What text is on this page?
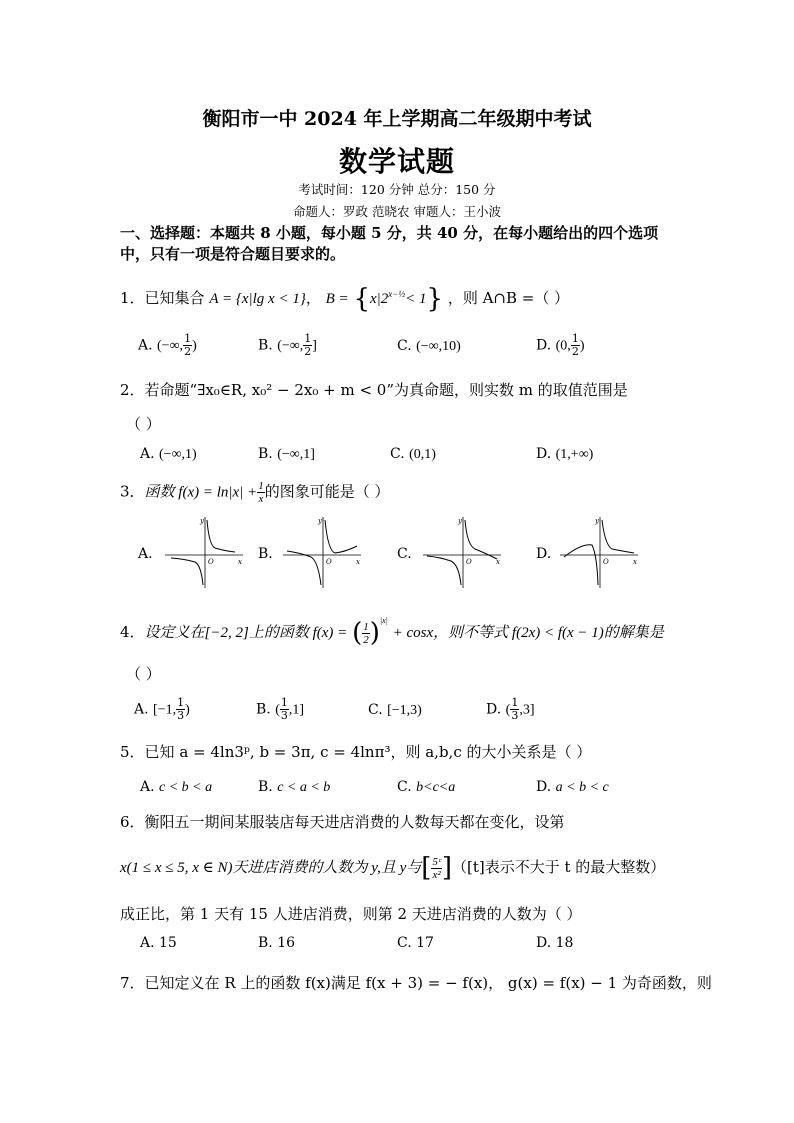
衡阳市一中 2024 年上学期高二年级期中考试
数学试题
考试时间：120 分钟 总分：150 分
命题人：罗政 范晓农 审题人：王小波
一、选择题：本题共 8 小题，每小题 5 分，共 40 分，在每小题给出的四个选项
中，只有一项是符合题目要求的。
1．已知集合 A = {x|lg x < 1}， $B = \{x|2^{x-\frac{1}{2}}< 1\}$ ，则 A∩B =（ ）
A. (−∞, $\frac{1}{2}$ )	B. (−∞, $\frac{1}{2}$ ]	C. (−∞,10)	D. (0, $\frac{1}{2}$ )
2．若命题“∃x₀∈R, x₀² − 2x₀ + m < 0”为真命题，则实数 m 的取值范围是
（ ）
A. (−∞,1)	B. (−∞,1]	C. (0,1)	D. (1,+∞)
3．函数 $f(x) = \ln|x| + \frac{1}{x}$ 的图象可能是（ ）
A.	B.	C.	D.
y
x
O
y
x
O
y
x
O
y
x
O
4．设定义在[−2, 2]上的函数 f(x) = ( $\frac{1}{2} )^{|x|} + \cos x$，则不等式 f(2x) < f(x − 1)的解集是
（ ）
A. [−1, $\frac{1}{3}$ )	B. ( $\frac{1}{3} ,1$]	C. [−1,3)	D. ( $\frac{1}{3} ,3$]
5．已知 a = 4ln3ᵖ, b = 3π, c = 4lnπ³，则 a,b,c 的大小关系是（ ）
A. c < b < a	B. c < a < b	C. b<c<a	D. a < b < c
6．衡阳五一期间某服装店每天进店消费的人数每天都在变化，设第
x(1 ≤ x ≤ 5, x ∈ N)天进店消费的人数为 y,且 y与[ $\frac{\text{5ᶜ}}{\text{x²}} ]([t]$表示不大于 t 的最大整数）
成正比，第 1 天有 15 人进店消费，则第 2 天进店消费的人数为（ ）
A. 15	B. 16	C. 17	D. 18
7．已知定义在 R 上的函数 f(x)满足 f(x + 3) = − f(x)， g(x) = f(x) − 1 为奇函数，则
